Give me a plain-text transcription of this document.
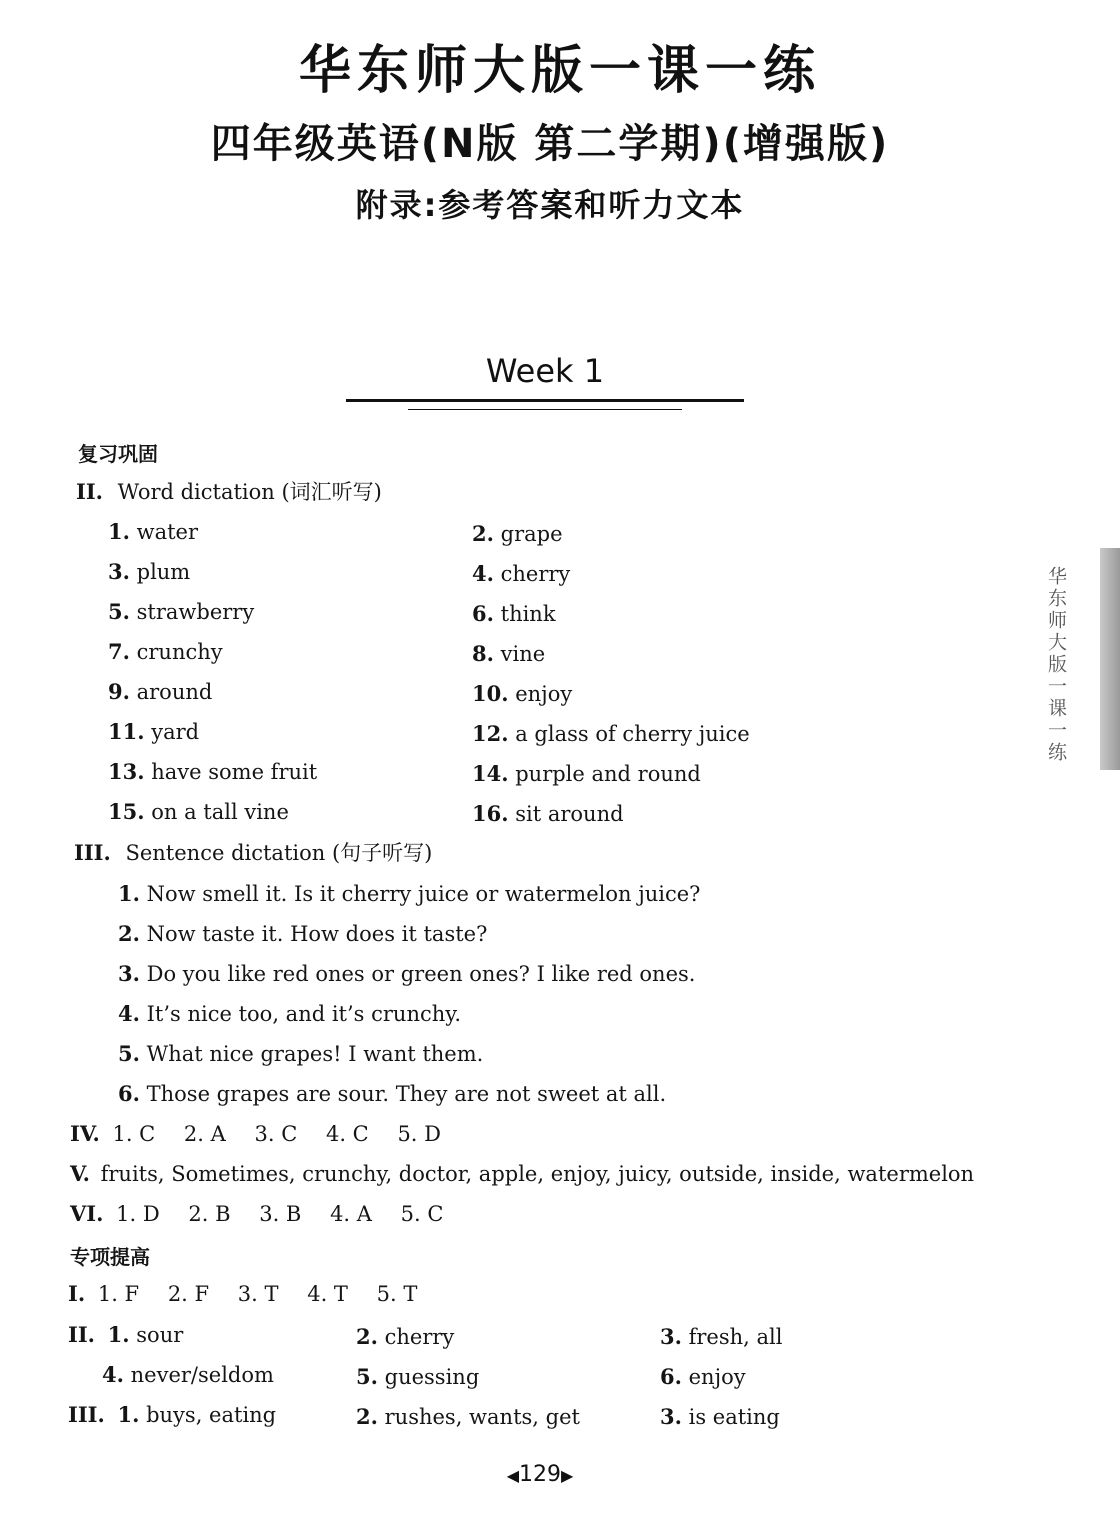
华东师大版一课一练
四年级英语(N版 第二学期)(增强版)
附录:参考答案和听力文本
Week 1
复习巩固
II. Word dictation (词汇听写)
1. water	2. grape
3. plum	4. cherry
5. strawberry	6. think
7. crunchy	8. vine
9. around	10. enjoy
11. yard	12. a glass of cherry juice
13. have some fruit	14. purple and round
15. on a tall vine	16. sit around
III. Sentence dictation (句子听写)
1. Now smell it. Is it cherry juice or watermelon juice?
2. Now taste it. How does it taste?
3. Do you like red ones or green ones? I like red ones.
4. It’s nice too, and it’s crunchy.
5. What nice grapes! I want them.
6. Those grapes are sour. They are not sweet at all.
IV. 1. C 2. A 3. C 4. C 5. D
V. fruits, Sometimes, crunchy, doctor, apple, enjoy, juicy, outside, inside, watermelon
VI. 1. D 2. B 3. B 4. A 5. C
专项提高
I. 1. F 2. F 3. T 4. T 5. T
II. 1. sour	2. cherry	3. fresh, all
4. never/seldom	5. guessing	6. enjoy
III. 1. buys, eating	2. rushes, wants, get	3. is eating
华东师大版一课一练
◀129▶
